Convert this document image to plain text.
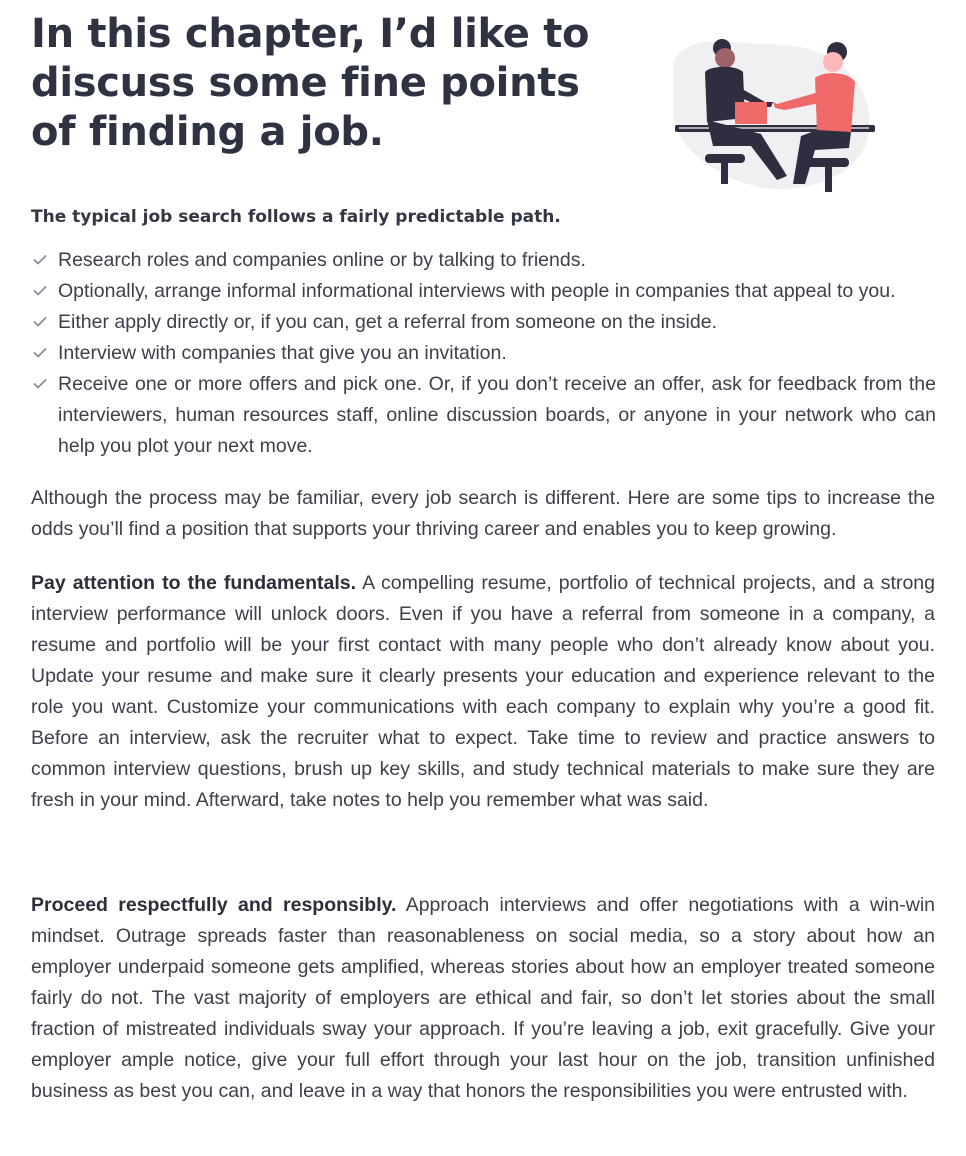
In this chapter, I’d like to discuss some fine points of finding a job.

The typical job search follows a fairly predictable path.

Research roles and companies online or by talking to friends.
Optionally, arrange informal informational interviews with people in companies that appeal to you.
Either apply directly or, if you can, get a referral from someone on the inside.
Interview with companies that give you an invitation.
Receive one or more offers and pick one. Or, if you don’t receive an offer, ask for feedback from the interviewers, human resources staff, online discussion boards, or anyone in your network who can help you plot your next move.

Although the process may be familiar, every job search is different. Here are some tips to increase the odds you’ll find a position that supports your thriving career and enables you to keep growing.

Pay attention to the fundamentals. A compelling resume, portfolio of technical projects, and a strong interview performance will unlock doors. Even if you have a referral from someone in a company, a resume and portfolio will be your first contact with many people who don’t already know about you. Update your resume and make sure it clearly presents your education and experience relevant to the role you want. Customize your communications with each company to explain why you’re a good fit. Before an interview, ask the recruiter what to expect. Take time to review and practice answers to common interview questions, brush up key skills, and study technical materials to make sure they are fresh in your mind. Afterward, take notes to help you remember what was said.

Proceed respectfully and responsibly. Approach interviews and offer negotiations with a win-win mindset. Outrage spreads faster than reasonableness on social media, so a story about how an employer underpaid someone gets amplified, whereas stories about how an employer treated someone fairly do not. The vast majority of employers are ethical and fair, so don’t let stories about the small fraction of mistreated individuals sway your approach. If you’re leaving a job, exit gracefully. Give your employer ample notice, give your full effort through your last hour on the job, transition unfinished business as best you can, and leave in a way that honors the responsibilities you were entrusted with.
